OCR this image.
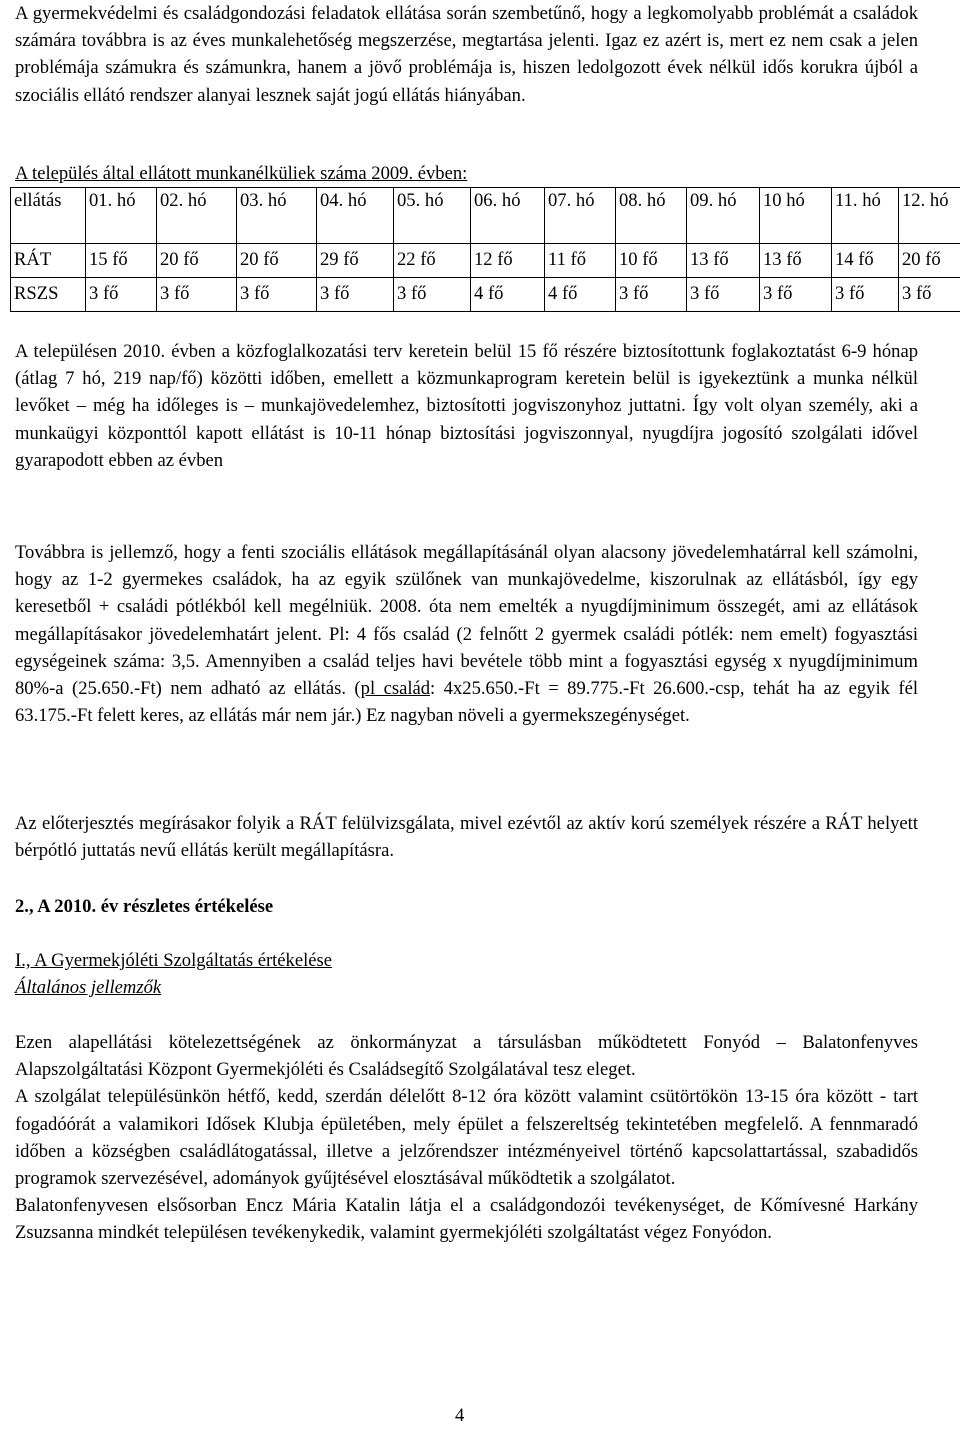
A gyermekvédelmi és családgondozási feladatok ellátása során szembetűnő, hogy a legkomolyabb problémát a családok számára továbbra is az éves munkalehetőség megszerzése, megtartása jelenti. Igaz ez azért is, mert ez nem csak a jelen problémája számukra és számunkra, hanem a jövő problémája is, hiszen ledolgozott évek nélkül idős korukra újból a szociális ellátó rendszer alanyai lesznek saját jogú ellátás hiányában.

A település által ellátott munkanélküliek száma 2009. évben:
ellátás	01. hó	02. hó	03. hó	04. hó	05. hó	06. hó	07. hó	08. hó	09. hó	10 hó	11. hó	12. hó
RÁT	15 fő	20 fő	20 fő	29 fő	22 fő	12 fő	11 fő	10 fő	13 fő	13 fő	14 fő	20 fő
RSZS	3 fő	3 fő	3 fő	3 fő	3 fő	4 fő	4 fő	3 fő	3 fő	3 fő	3 fő	3 fő

A településen 2010. évben a közfoglalkozatási terv keretein belül 15 fő részére biztosítottunk foglakoztatást 6-9 hónap (átlag 7 hó, 219 nap/fő) közötti időben, emellett a közmunkaprogram keretein belül is igyekeztünk a munka nélkül levőket – még ha időleges is – munkajövedelemhez, biztosítotti jogviszonyhoz juttatni. Így volt olyan személy, aki a munkaügyi központtól kapott ellátást is 10-11 hónap biztosítási jogviszonnyal, nyugdíjra jogosító szolgálati idővel gyarapodott ebben az évben

Továbbra is jellemző, hogy a fenti szociális ellátások megállapításánál olyan alacsony jövedelemhatárral kell számolni, hogy az 1-2 gyermekes családok, ha az egyik szülőnek van munkajövedelme, kiszorulnak az ellátásból, így egy keresetből + családi pótlékból kell megélniük. 2008. óta nem emelték a nyugdíjminimum összegét, ami az ellátások megállapításakor jövedelemhatárt jelent. Pl: 4 fős család (2 felnőtt 2 gyermek családi pótlék: nem emelt) fogyasztási egységeinek száma: 3,5. Amennyiben a család teljes havi bevétele több mint a fogyasztási egység x nyugdíjminimum 80%-a (25.650.-Ft) nem adható az ellátás. (pl család: 4x25.650.-Ft = 89.775.-Ft 26.600.-csp, tehát ha az egyik fél 63.175.-Ft felett keres, az ellátás már nem jár.) Ez nagyban növeli a gyermekszegénységet.

Az előterjesztés megírásakor folyik a RÁT felülvizsgálata, mivel ezévtől az aktív korú személyek részére a RÁT helyett bérpótló juttatás nevű ellátás került megállapításra.

2., A 2010. év részletes értékelése
I., A Gyermekjóléti Szolgáltatás értékelése
Általános jellemzők

Ezen alapellátási kötelezettségének az önkormányzat a társulásban működtetett Fonyód – Balatonfenyves Alapszolgáltatási Központ Gyermekjóléti és Családsegítő Szolgálatával tesz eleget.

A szolgálat településünkön hétfő, kedd, szerdán délelőtt 8-12 óra között valamint csütörtökön 13-15 óra között - tart fogadóórát a valamikori Idősek Klubja épületében, mely épület a felszereltség tekintetében megfelelő. A fennmaradó időben a községben családlátogatással, illetve a jelzőrendszer intézményeivel történő kapcsolattartással, szabadidős programok szervezésével, adományok gyűjtésével elosztásával működtetik a szolgálatot.

Balatonfenyvesen elsősorban Encz Mária Katalin látja el a családgondozói tevékenységet, de Kőmívesné Harkány Zsuzsanna mindkét településen tevékenykedik, valamint gyermekjóléti szolgáltatást végez Fonyódon.

4
